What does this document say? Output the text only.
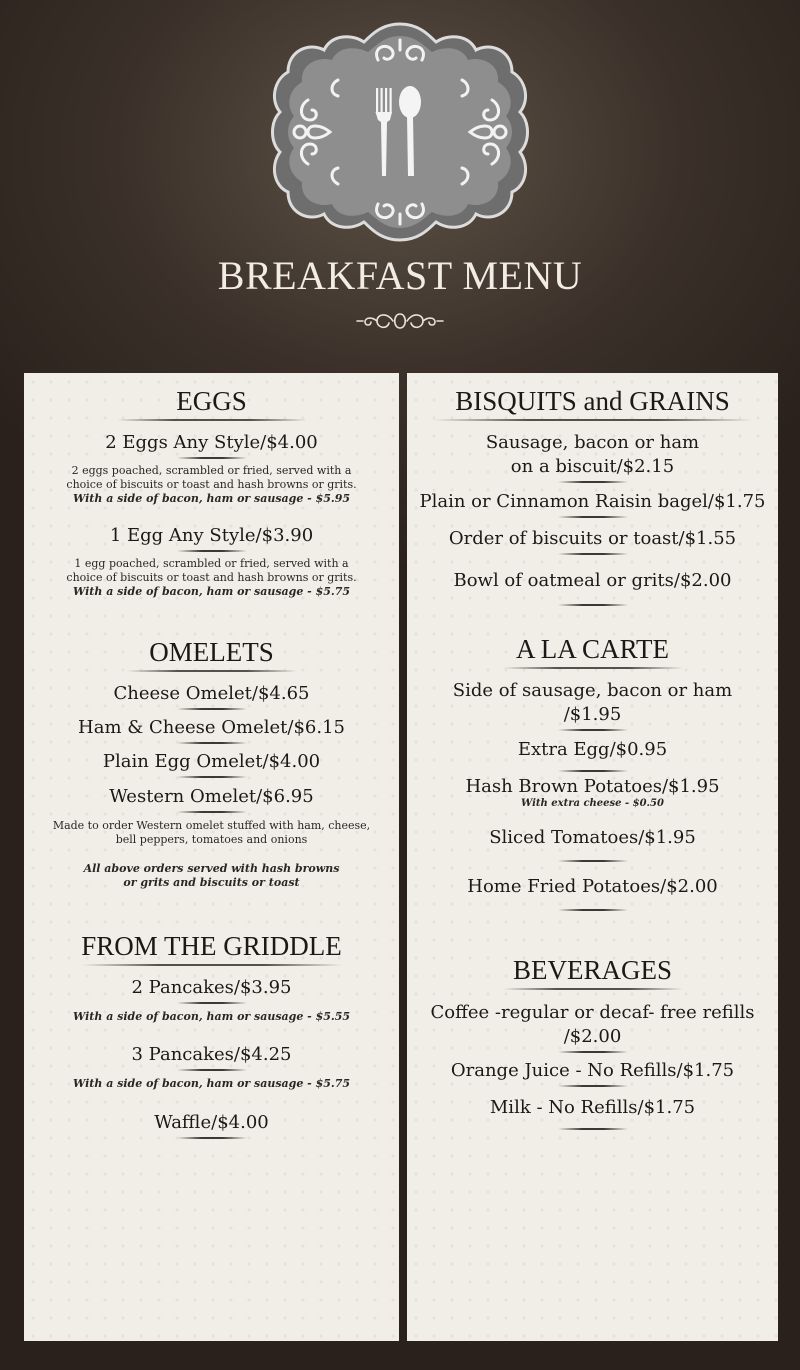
BREAKFAST MENU
EGGS
2 Eggs Any Style/$4.00
2 eggs poached, scrambled or fried, served with a
choice of biscuits or toast and hash browns or grits.
With a side of bacon, ham or sausage - $5.95
1 Egg Any Style/$3.90
1 egg poached, scrambled or fried, served with a
choice of biscuits or toast and hash browns or grits.
With a side of bacon, ham or sausage - $5.75
OMELETS
Cheese Omelet/$4.65
Ham & Cheese Omelet/$6.15
Plain Egg Omelet/$4.00
Western Omelet/$6.95
Made to order Western omelet stuffed with ham, cheese,
bell peppers, tomatoes and onions
All above orders served with hash browns
or grits and biscuits or toast
FROM THE GRIDDLE
2 Pancakes/$3.95
With a side of bacon, ham or sausage - $5.55
3 Pancakes/$4.25
With a side of bacon, ham or sausage - $5.75
Waffle/$4.00
BISQUITS and GRAINS
Sausage, bacon or ham
on a biscuit/$2.15
Plain or Cinnamon Raisin bagel/$1.75
Order of biscuits or toast/$1.55
Bowl of oatmeal or grits/$2.00
A LA CARTE
Side of sausage, bacon or ham
/$1.95
Extra Egg/$0.95
Hash Brown Potatoes/$1.95
With extra cheese - $0.50
Sliced Tomatoes/$1.95
Home Fried Potatoes/$2.00
BEVERAGES
Coffee -regular or decaf- free refills
/$2.00
Orange Juice - No Refills/$1.75
Milk - No Refills/$1.75
